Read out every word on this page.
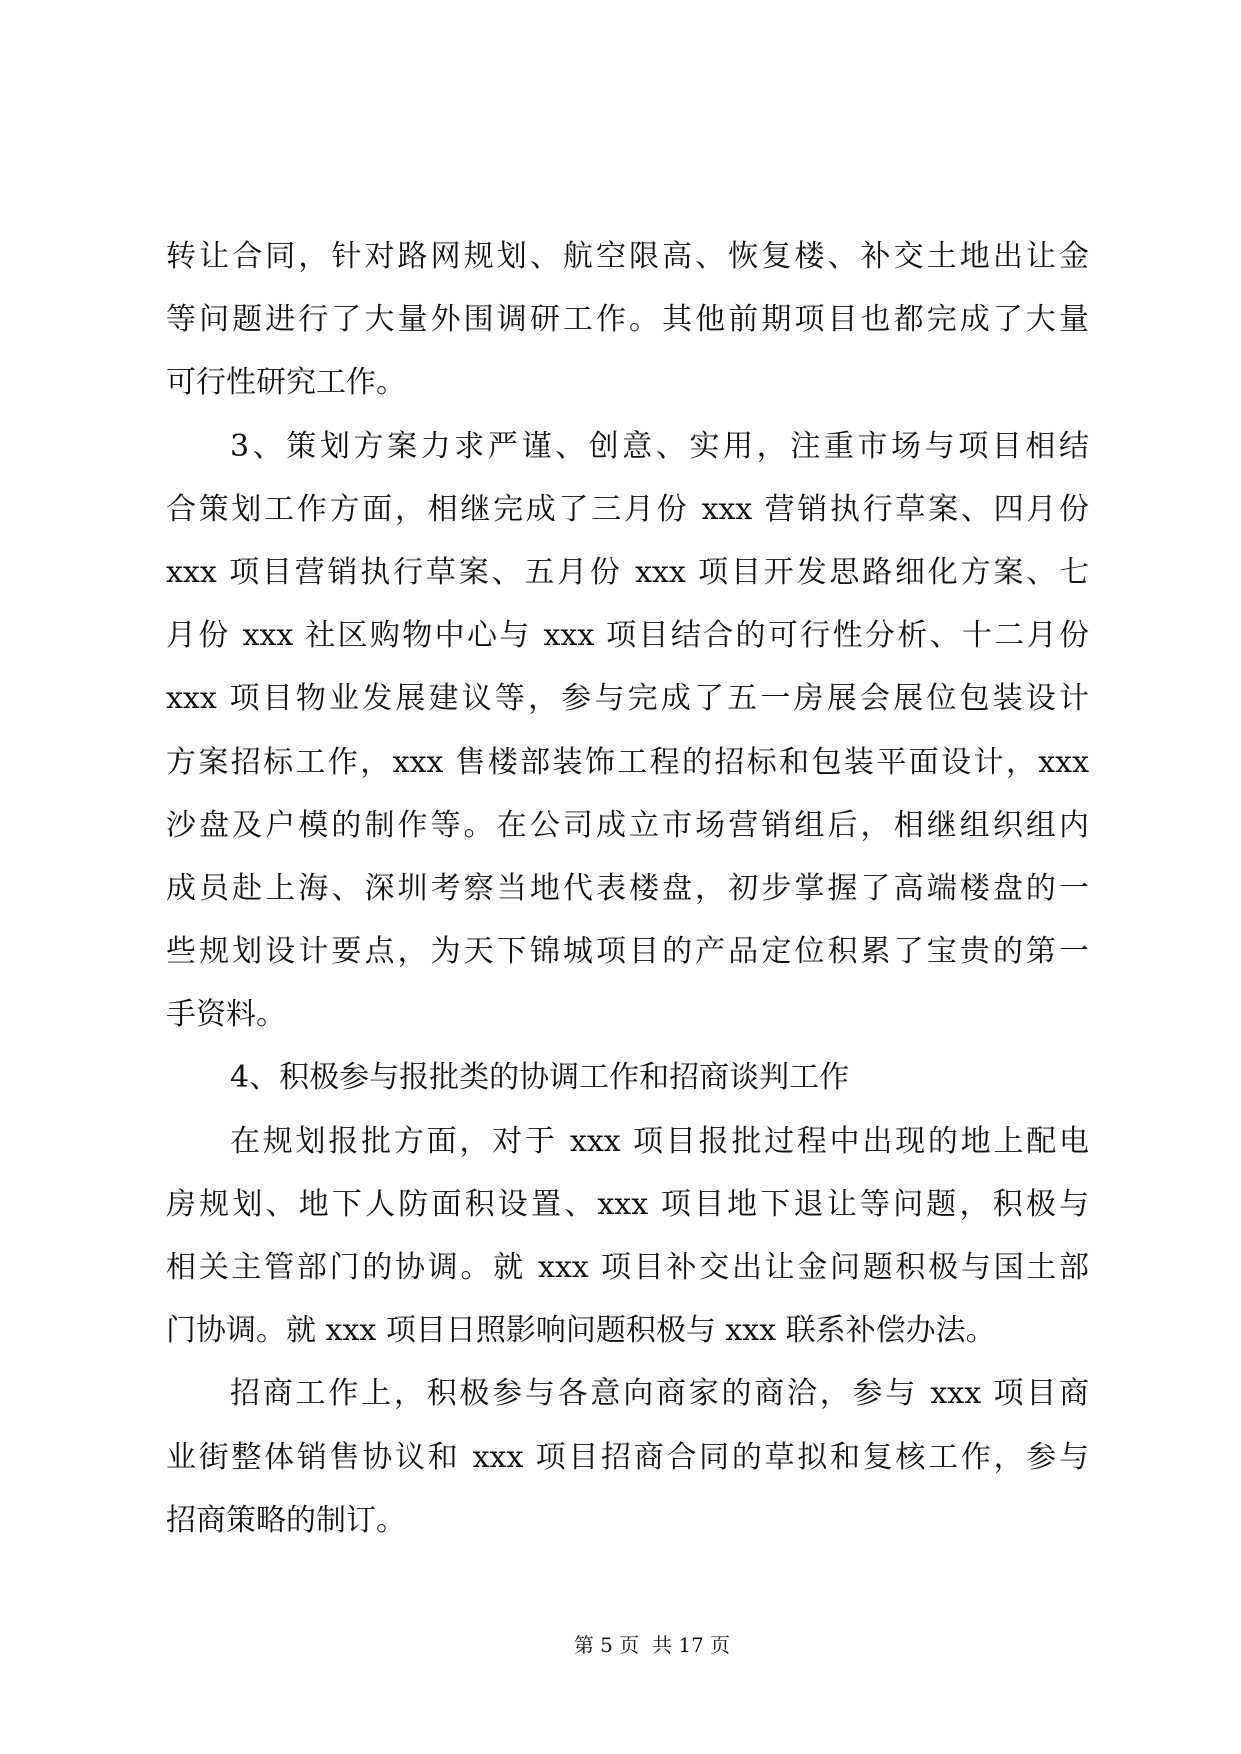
转让合同，针对路网规划、航空限高、恢复楼、补交土地出让金
等问题进行了大量外围调研工作。其他前期项目也都完成了大量
可行性研究工作。
3、策划方案力求严谨、创意、实用，注重市场与项目相结
合策划工作方面，相继完成了三月份 xxx 营销执行草案、四月份
xxx 项目营销执行草案、五月份 xxx 项目开发思路细化方案、七
月份 xxx 社区购物中心与 xxx 项目结合的可行性分析、十二月份
xxx 项目物业发展建议等，参与完成了五一房展会展位包装设计
方案招标工作，xxx 售楼部装饰工程的招标和包装平面设计，xxx
沙盘及户模的制作等。在公司成立市场营销组后，相继组织组内
成员赴上海、深圳考察当地代表楼盘，初步掌握了高端楼盘的一
些规划设计要点，为天下锦城项目的产品定位积累了宝贵的第一
手资料。
4、积极参与报批类的协调工作和招商谈判工作
在规划报批方面，对于 xxx 项目报批过程中出现的地上配电
房规划、地下人防面积设置、xxx 项目地下退让等问题，积极与
相关主管部门的协调。就 xxx 项目补交出让金问题积极与国土部
门协调。就 xxx 项目日照影响问题积极与 xxx 联系补偿办法。
招商工作上，积极参与各意向商家的商洽，参与 xxx 项目商
业街整体销售协议和 xxx 项目招商合同的草拟和复核工作，参与
招商策略的制订。
第 5 页  共 17 页
